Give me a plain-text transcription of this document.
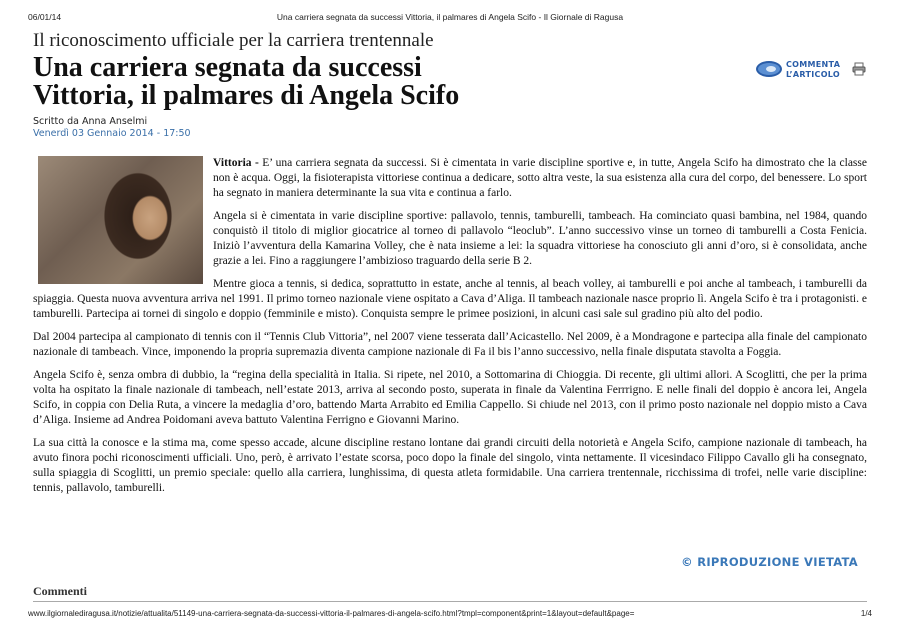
06/01/14	Una carriera segnata da successi Vittoria, il palmares di Angela Scifo - Il Giornale di Ragusa
Il riconoscimento ufficiale per la carriera trentennale
Una carriera segnata da successi
Vittoria, il palmares di Angela Scifo
Scritto da Anna Anselmi
Venerdì 03 Gennaio 2014 - 17:50
COMMENTA
L’ARTICOLO

Vittoria - E’ una carriera segnata da successi. Si è cimentata in varie discipline sportive e, in tutte, Angela Scifo ha dimostrato che la classe non è acqua. Oggi, la fisioterapista vittoriese continua a dedicare, sotto altra veste, la sua esistenza alla cura del corpo, del benessere. Lo sport ha segnato in maniera determinante la sua vita e continua a farlo.

Angela si è cimentata in varie discipline sportive: pallavolo, tennis, tamburelli, tambeach. Ha cominciato quasi bambina, nel 1984, quando conquistò il titolo di miglior giocatrice al torneo di pallavolo “leoclub”. L’anno successivo vinse un torneo di tamburelli a Costa Fenicia. Iniziò l’avventura della Kamarina Volley, che è nata insieme a lei: la squadra vittoriese ha conosciuto gli anni d’oro, si è consolidata, anche grazie a lei. Fino a raggiungere l’ambizioso traguardo della serie B 2.

Mentre gioca a tennis, si dedica, soprattutto in estate, anche al tennis, al beach volley, ai tamburelli e poi anche al tambeach, i tamburelli da spiaggia. Questa nuova avventura arriva nel 1991. Il primo torneo nazionale viene ospitato a Cava d’Aliga. Il tambeach nazionale nasce proprio lì. Angela Scifo è tra i protagonisti. e tamburelli. Partecipa ai tornei di singolo e doppio (femminile e misto). Conquista sempre le primee posizioni, in alcuni casi sale sul gradino più alto del podio.

Dal 2004 partecipa al campionato di tennis con il “Tennis Club Vittoria”, nel 2007 viene tesserata dall’Acicastello. Nel 2009, è a Mondragone e partecipa alla finale del campionato nazionale di tambeach. Vince, imponendo la propria supremazia diventa campione nazionale di Fa il bis l’anno successivo, nella finale disputata stavolta a Foggia.

Angela Scifo è, senza ombra di dubbio, la “regina della specialità in Italia. Si ripete, nel 2010, a Sottomarina di Chioggia. Di recente, gli ultimi allori. A Scoglitti, che per la prima volta ha ospitato la finale nazionale di tambeach, nell’estate 2013, arriva al secondo posto, superata in finale da Valentina Ferrrigno. E nelle finali del doppio è ancora lei, Angela Scifo, in coppia con Delia Ruta, a vincere la medaglia d’oro, battendo Marta Arrabito ed Emilia Cappello. Si chiude nel 2013, con il primo posto nazionale nel doppio misto a Cava d’Aliga. Insieme ad Andrea Poidomani aveva battuto Valentina Ferrigno e Giovanni Marino.

La sua città la conosce e la stima ma, come spesso accade, alcune discipline restano lontane dai grandi circuiti della notorietà e Angela Scifo, campione nazionale di tambeach, ha avuto finora pochi riconoscimenti ufficiali. Uno, però, è arrivato l’estate scorsa, poco dopo la finale del singolo, vinta nettamente. Il vicesindaco Filippo Cavallo gli ha consegnato, sulla spiaggia di Scoglitti, un premio speciale: quello alla carriera, lunghissima, di questa atleta formidabile. Una carriera trentennale, ricchissima di trofei, nelle varie discipline: tennis, pallavolo, tamburelli.

© RIPRODUZIONE VIETATA
Commenti
www.ilgiornalediragusa.it/notizie/attualita/51149-una-carriera-segnata-da-successi-vittoria-il-palmares-di-angela-scifo.html?tmpl=component&print=1&layout=default&page=	1/4
